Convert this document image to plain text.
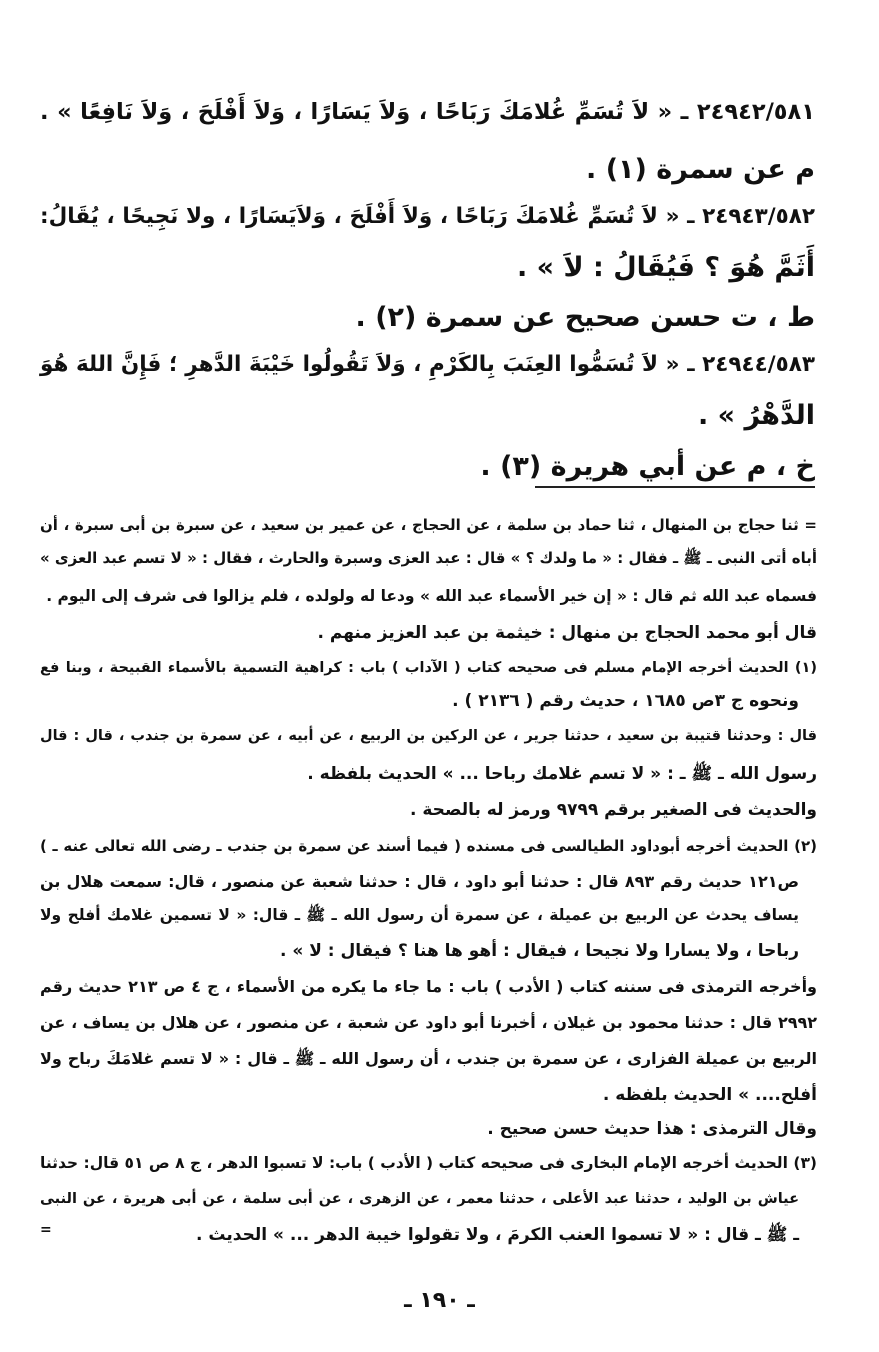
٢٤٩٤٢/٥٨١ ـ « لاَ تُسَمِّ غُلامَكَ رَبَاحًا ، وَلاَ يَسَارًا ، وَلاَ أَفْلَحَ ، وَلاَ نَافِعًا » .
م عن سمرة (١) .
٢٤٩٤٣/٥٨٢ ـ « لاَ تُسَمِّ غُلامَكَ رَبَاحًا ، وَلاَ أَفْلَحَ ، وَلاَيَسَارًا ، ولا نَجِيحًا ، يُقَالُ:
أَثَمَّ هُوَ ؟ فَيُقَالُ : لاَ » .
ط ، ت حسن صحيح عن سمرة (٢) .
٢٤٩٤٤/٥٨٣ ـ « لاَ تُسَمُّوا العِنَبَ بِالكَرْمِ ، وَلاَ تَقُولُوا خَيْبَةَ الدَّهرِ ؛ فَإِنَّ اللهَ هُوَ
الدَّهْرُ » .
خ ، م عن أبي هريرة (٣) .
= ثنا حجاج بن المنهال ، ثنا حماد بن سلمة ، عن الحجاج ، عن عمير بن سعيد ، عن سبرة بن أبى سبرة ، أن
أباه أتى النبى ـ ﷺ ـ فقال : « ما ولدك ؟ » قال : عبد العزى وسبرة والحارث ، فقال : « لا تسم عبد العزى »
فسماه عبد الله ثم قال : « إن خير الأسماء عبد الله » ودعا له ولولده ، فلم يزالوا فى شرف إلى اليوم .
قال أبو محمد الحجاج بن منهال : خيثمة بن عبد العزيز منهم .
(١) الحديث أخرجه الإمام مسلم فى صحيحه كتاب ( الآداب ) باب : كراهية التسمية بالأسماء القبيحة ، وبنا فع
ونحوه ج ٣ص ١٦٨٥ ، حديث رقم ( ٢١٣٦ ) .
قال : وحدثنا قتيبة بن سعيد ، حدثنا جرير ، عن الركين بن الربيع ، عن أبيه ، عن سمرة بن جندب ، قال : قال
رسول الله ـ ﷺ ـ : « لا تسم غلامك رباحا ... » الحديث بلفظه .
والحديث فى الصغير برقم ٩٧٩٩ ورمز له بالصحة .
(٢) الحديث أخرجه أبوداود الطيالسى فى مسنده ( فيما أسند عن سمرة بن جندب ـ رضى الله تعالى عنه ـ )
ص١٢١ حديث رقم ٨٩٣ قال : حدثنا أبو داود ، قال : حدثنا شعبة عن منصور ، قال: سمعت هلال بن
يساف يحدث عن الربيع بن عميلة ، عن سمرة أن رسول الله ـ ﷺ ـ قال: « لا تسمين غلامك أفلح ولا
رباحا ، ولا يسارا ولا نجيحا ، فيقال : أهو ها هنا ؟ فيقال : لا » .
وأخرجه الترمذى فى سننه كتاب ( الأدب ) باب : ما جاء ما يكره من الأسماء ، ج ٤ ص ٢١٣ حديث رقم
٢٩٩٢ قال : حدثنا محمود بن غيلان ، أخبرنا أبو داود عن شعبة ، عن منصور ، عن هلال بن يساف ، عن
الربيع بن عميلة الفزارى ، عن سمرة بن جندب ، أن رسول الله ـ ﷺ ـ قال : « لا تسم غلامَكَ رباح ولا
أفلح.... » الحديث بلفظه .
وقال الترمذى : هذا حديث حسن صحيح .
(٣) الحديث أخرجه الإمام البخارى فى صحيحه كتاب ( الأدب ) باب: لا تسبوا الدهر ، ج ٨ ص ٥١ قال: حدثنا
عياش بن الوليد ، حدثنا عبد الأعلى ، حدثنا معمر ، عن الزهرى ، عن أبى سلمة ، عن أبى هريرة ، عن النبى
ـ ﷺ ـ قال : « لا تسموا العنب الكرمَ ، ولا تقولوا خيبة الدهر ... » الحديث .
=
ـ ١٩٠ ـ
